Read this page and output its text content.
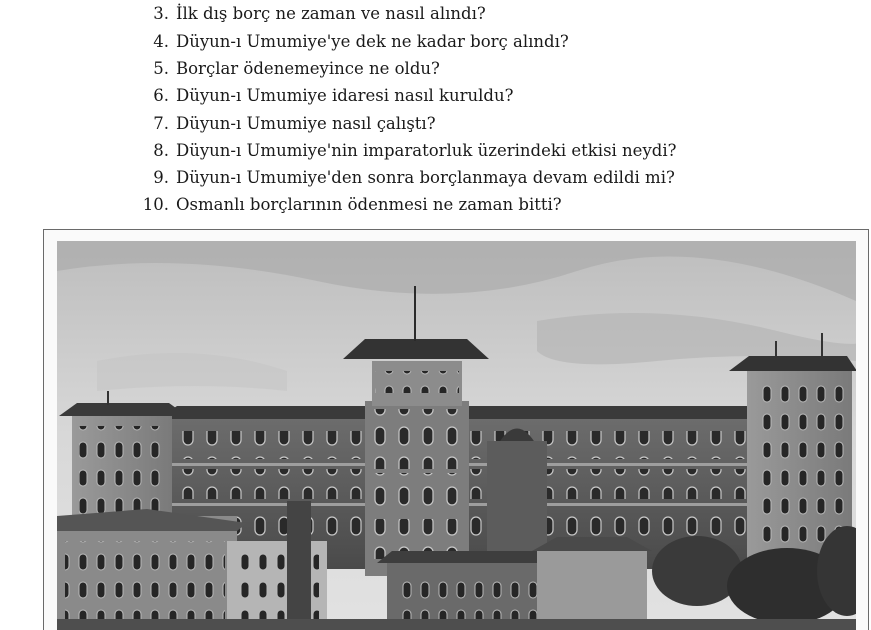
3. İlk dış borç ne zaman ve nasıl alındı?
4. Düyun-ı Umumiye'ye dek ne kadar borç alındı?
5. Borçlar ödenemeyince ne oldu?
6. Düyun-ı Umumiye idaresi nasıl kuruldu?
7. Düyun-ı Umumiye nasıl çalıştı?
8. Düyun-ı Umumiye'nin imparatorluk üzerindeki etkisi neydi?
9. Düyun-ı Umumiye'den sonra borçlanmaya devam edildi mi?
10. Osmanlı borçlarının ödenmesi ne zaman bitti?
